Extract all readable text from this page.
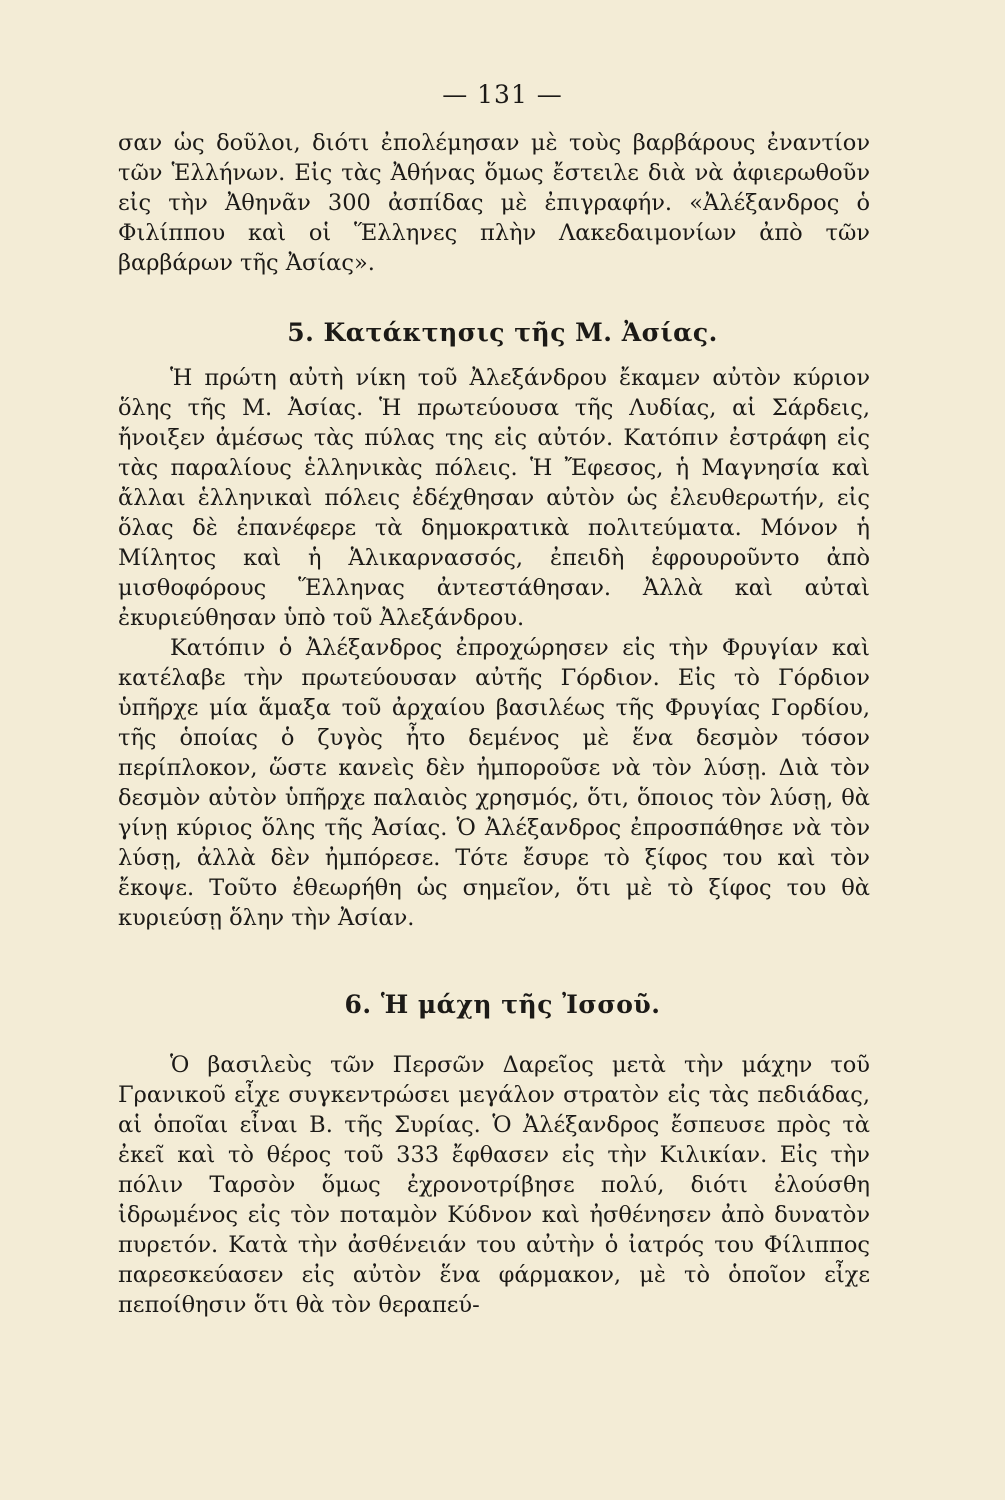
— 131 —

σαν ὡς δοῦλοι, διότι ἐπολέμησαν μὲ τοὺς βαρβάρους ἐναντίον τῶν Ἑλλήνων. Εἰς τὰς Ἀθήνας ὅμως ἔστειλε διὰ νὰ ἀφιερωθοῦν εἰς τὴν Ἀθηνᾶν 300 ἀσπίδας μὲ ἐπιγραφήν. «Ἀλέξανδρος ὁ Φιλίππου καὶ οἱ Ἕλληνες πλὴν Λακεδαιμονίων ἀπὸ τῶν βαρβάρων τῆς Ἀσίας».

5. Κατάκτησις τῆς Μ. Ἀσίας.

Ἡ πρώτη αὐτὴ νίκη τοῦ Ἀλεξάνδρου ἔκαμεν αὐτὸν κύριον ὅλης τῆς Μ. Ἀσίας. Ἡ πρωτεύουσα τῆς Λυδίας, αἱ Σάρδεις, ἤνοιξεν ἀμέσως τὰς πύλας της εἰς αὐτόν. Κατόπιν ἐστράφη εἰς τὰς παραλίους ἑλληνικὰς πόλεις. Ἡ Ἔφεσος, ἡ Μαγνησία καὶ ἄλλαι ἑλληνικαὶ πόλεις ἐδέχθησαν αὐτὸν ὡς ἐλευθερωτήν, εἰς ὅλας δὲ ἐπανέφερε τὰ δημοκρατικὰ πολιτεύματα. Μόνον ἡ Μίλητος καὶ ἡ Ἁλικαρνασσός, ἐπειδὴ ἐφρουροῦντο ἀπὸ μισθοφόρους Ἕλληνας ἀντεστάθησαν. Ἀλλὰ καὶ αὐταὶ ἐκυριεύθησαν ὑπὸ τοῦ Ἀλεξάνδρου.

Κατόπιν ὁ Ἀλέξανδρος ἐπροχώρησεν εἰς τὴν Φρυγίαν καὶ κατέλαβε τὴν πρωτεύουσαν αὐτῆς Γόρδιον. Εἰς τὸ Γόρδιον ὑπῆρχε μία ἅμαξα τοῦ ἀρχαίου βασιλέως τῆς Φρυγίας Γορδίου, τῆς ὁποίας ὁ ζυγὸς ἦτο δεμένος μὲ ἕνα δεσμὸν τόσον περίπλοκον, ὥστε κανεὶς δὲν ἠμποροῦσε νὰ τὸν λύσῃ. Διὰ τὸν δεσμὸν αὐτὸν ὑπῆρχε παλαιὸς χρησμός, ὅτι, ὅποιος τὸν λύσῃ, θὰ γίνῃ κύριος ὅλης τῆς Ἀσίας. Ὁ Ἀλέξανδρος ἐπροσπάθησε νὰ τὸν λύσῃ, ἀλλὰ δὲν ἠμπόρεσε. Τότε ἔσυρε τὸ ξίφος του καὶ τὸν ἔκοψε. Τοῦτο ἐθεωρήθη ὡς σημεῖον, ὅτι μὲ τὸ ξίφος του θὰ κυριεύσῃ ὅλην τὴν Ἀσίαν.

6. Ἡ μάχη τῆς Ἰσσοῦ.

Ὁ βασιλεὺς τῶν Περσῶν Δαρεῖος μετὰ τὴν μάχην τοῦ Γρανικοῦ εἶχε συγκεντρώσει μεγάλον στρατὸν εἰς τὰς πεδιάδας, αἱ ὁποῖαι εἶναι Β. τῆς Συρίας. Ὁ Ἀλέξανδρος ἔσπευσε πρὸς τὰ ἐκεῖ καὶ τὸ θέρος τοῦ 333 ἔφθασεν εἰς τὴν Κιλικίαν. Εἰς τὴν πόλιν Ταρσὸν ὅμως ἐχρονοτρίβησε πολύ, διότι ἐλούσθη ἱδρωμένος εἰς τὸν ποταμὸν Κύδνον καὶ ἠσθένησεν ἀπὸ δυνατὸν πυρετόν. Κατὰ τὴν ἀσθένειάν του αὐτὴν ὁ ἰατρός του Φίλιππος παρεσκεύασεν εἰς αὐτὸν ἕνα φάρμακον, μὲ τὸ ὁποῖον εἶχε πεποίθησιν ὅτι θὰ τὸν θεραπεύ-
